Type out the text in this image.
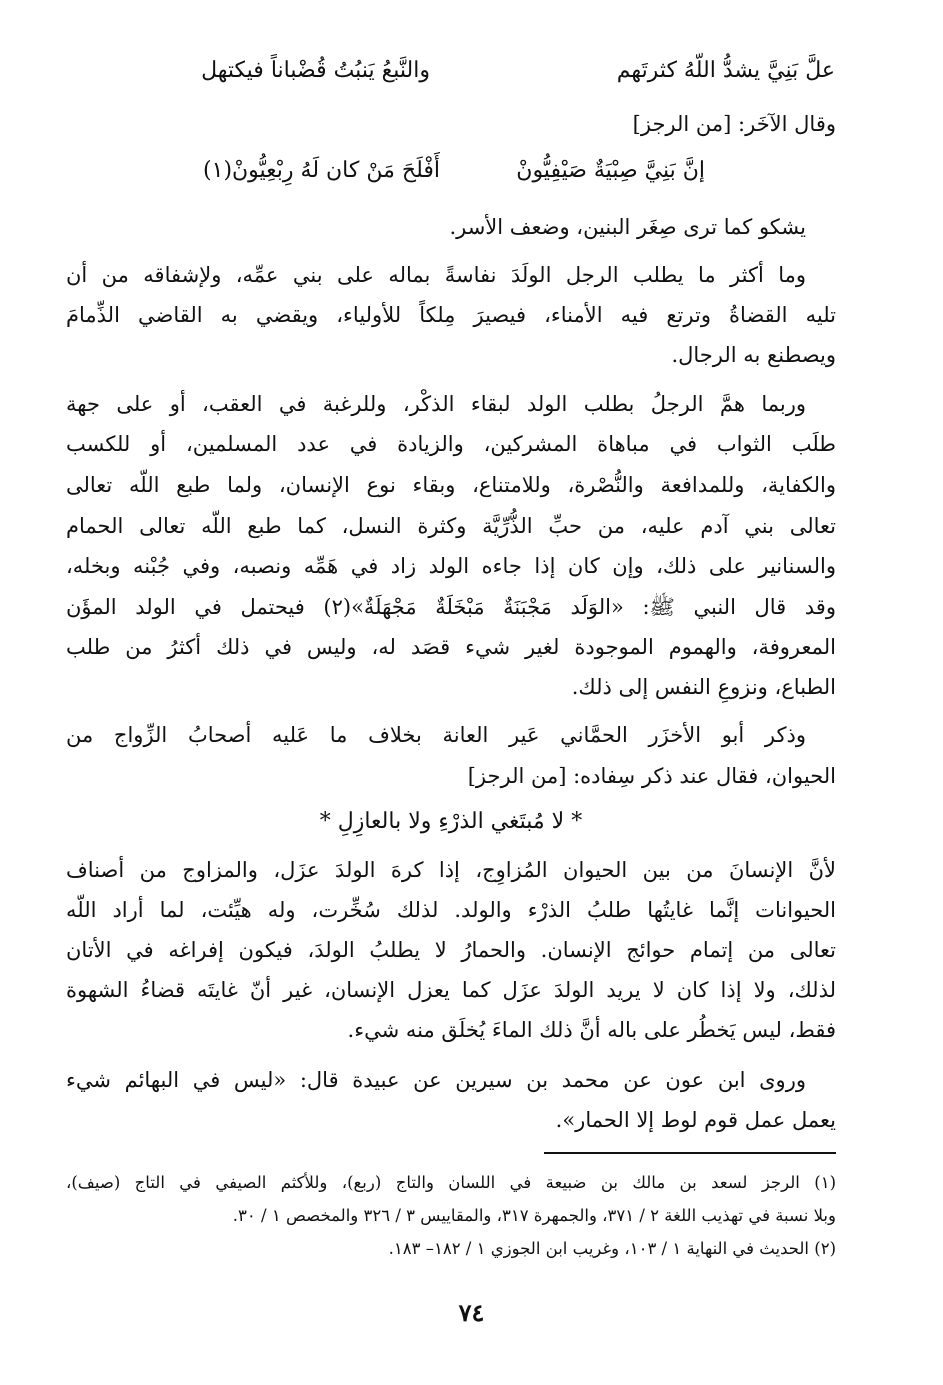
علَّ بَنِيَّ يشدُّ اللّهُ كثرتَهم
والنَّبعُ يَنبُتُ قُضْباناً فيكتهل
وقال الآخَر: [من الرجز]
إنَّ بَنِيَّ صِبْيَةٌ صَيْفِيُّونْ
أَفْلَحَ مَنْ كان لَهُ رِبْعِيُّونْ(١)
يشكو كما ترى صِغَر البنين، وضعف الأسر.
وما أكثر ما يطلب الرجل الولَدَ نفاسةً بماله على بني عمِّه، ولإشفاقه من أن
تليه القضاةُ وترتع فيه الأمناء، فيصيرَ مِلكاً للأولياء، ويقضي به القاضي الذِّمامَ
ويصطنع به الرجال.
وربما همَّ الرجلُ بطلب الولد لبقاء الذكْر، وللرغبة في العقب، أو على جهة
طلَب الثواب في مباهاة المشركين، والزيادة في عدد المسلمين، أو للكسب
والكفاية، وللمدافعة والنُّصْرة، وللامتناع، وبقاء نوع الإنسان، ولما طبع اللّه تعالى
تعالى بني آدم عليه، من حبِّ الذُّرِّيَّة وكثرة النسل، كما طبع اللّه تعالى الحمام
والسنانير على ذلك، وإن كان إذا جاءه الولد زاد في هَمِّه ونصبه، وفي جُبْنه وبخله،
وقد قال النبي ﷺ: «الوَلَد مَجْبَنَةٌ مَبْخَلَةٌ مَجْهَلَةٌ»(٢) فيحتمل في الولد المؤَن
المعروفة، والهموم الموجودة لغير شيء قصَد له، وليس في ذلك أكثرُ من طلب
الطباع، ونزوعِ النفس إلى ذلك.
وذكر أبو الأخزَر الحمَّاني عَير العانة بخلاف ما عَليه أصحابُ الزِّواج من
الحيوان، فقال عند ذكر سِفاده: [من الرجز]
* لا مُبتَغي الذرْءِ ولا بالعازِلِ *
لأنَّ الإنسانَ من بين الحيوان المُزاوِج، إذا كرهَ الولدَ عزَل، والمزاوج من أصناف
الحيوانات إنَّما غايتُها طلبُ الذرْء والولد. لذلك سُخِّرت، وله هيِّئت، لما أراد اللّه
تعالى من إتمام حوائج الإنسان. والحمارُ لا يطلبُ الولدَ، فيكون إفراغه في الأتان
لذلك، ولا إذا كان لا يريد الولدَ عزَل كما يعزل الإنسان، غير أنّ غايتَه قضاءُ الشهوة
فقط، ليس يَخطُر على باله أنَّ ذلك الماءَ يُخلَق منه شيء.
وروى ابن عون عن محمد بن سيرين عن عبيدة قال: «ليس في البهائم شيء
يعمل عمل قوم لوط إلا الحمار».
(١) الرجز لسعد بن مالك بن ضبيعة في اللسان والتاج (ربع)، وللأكثم الصيفي في التاج (صيف)،
وبلا نسبة في تهذيب اللغة ٢ / ٣٧١، والجمهرة ٣١٧، والمقاييس ٣ / ٣٢٦ والمخصص ١ / ٣٠.
(٢) الحديث في النهاية ١ / ١٠٣، وغريب ابن الجوزي ١ / ١٨٢– ١٨٣.
٧٤
